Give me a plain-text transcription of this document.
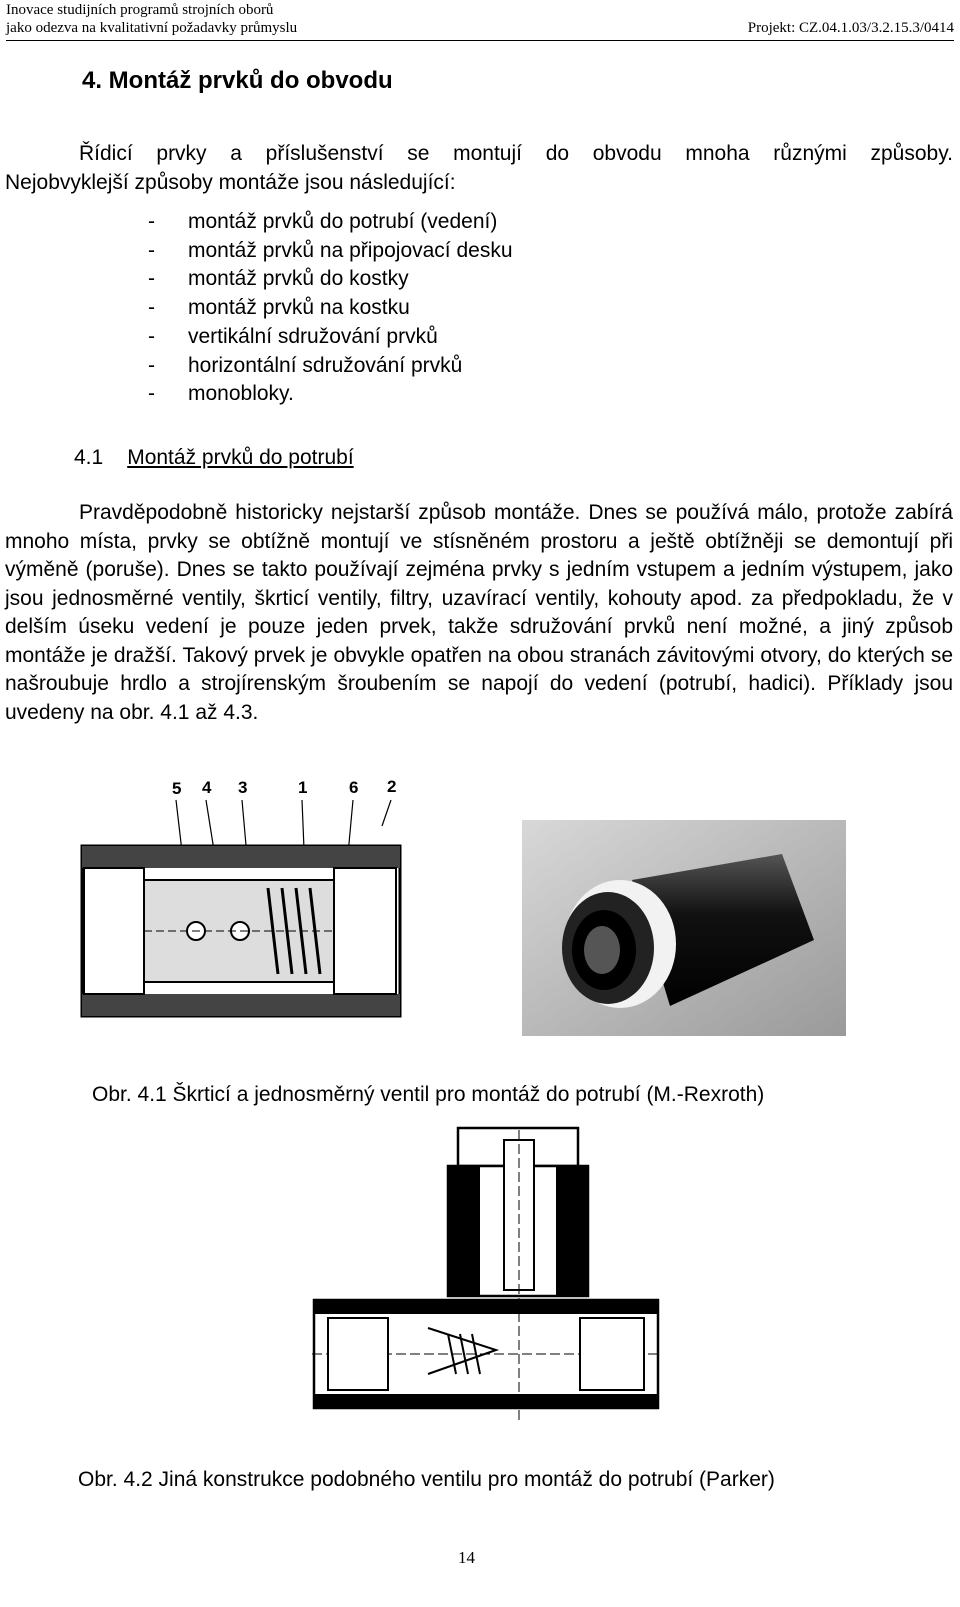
Inovace studijních programů strojních oborů
jako odezva na kvalitativní požadavky průmyslu	Projekt: CZ.04.1.03/3.2.15.3/0414
4. Montáž prvků do obvodu
Řídicí prvky a příslušenství se montují do obvodu mnoha různými způsoby.
Nejobvyklejší způsoby montáže jsou následující:
- montáž prvků do potrubí (vedení)
- montáž prvků na připojovací desku
- montáž prvků do kostky
- montáž prvků na kostku
- vertikální sdružování prvků
- horizontální sdružování prvků
- monobloky.
4.1 Montáž prvků do potrubí
Pravděpodobně historicky nejstarší způsob montáže. Dnes se používá málo, protože zabírá mnoho místa, prvky se obtížně montují ve stísněném prostoru a ještě obtížněji se demontují při výměně (poruše). Dnes se takto používají zejména prvky s jedním vstupem a jedním výstupem, jako jsou jednosměrné ventily, škrticí ventily, filtry, uzavírací ventily, kohouty apod. za předpokladu, že v delším úseku vedení je pouze jeden prvek, takže sdružování prvků není možné, a jiný způsob montáže je dražší. Takový prvek je obvykle opatřen na obou stranách závitovými otvory, do kterých se našroubuje hrdlo a strojírenským šroubením se napojí do vedení (potrubí, hadici). Příklady jsou uvedeny na obr. 4.1 až 4.3.
5 4 3	1 6 2
Obr. 4.1 Škrticí a jednosměrný ventil pro montáž do potrubí (M.-Rexroth)
Obr. 4.2 Jiná konstrukce podobného ventilu pro montáž do potrubí (Parker)
14
